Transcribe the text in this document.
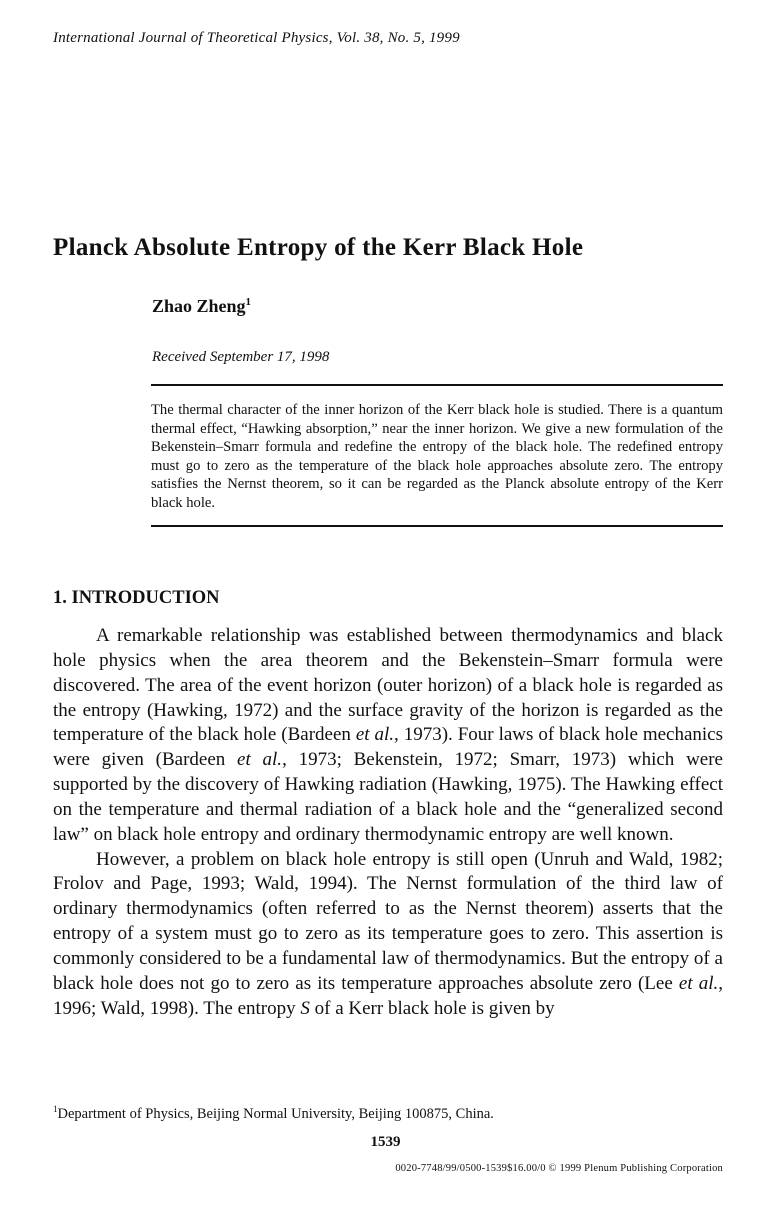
International Journal of Theoretical Physics, Vol. 38, No. 5, 1999
Planck Absolute Entropy of the Kerr Black Hole
Zhao Zheng$^1$
Received September 17, 1998

The thermal character of the inner horizon of the Kerr black hole is studied. There is a quantum thermal effect, “Hawking absorption,” near the inner horizon. We give a new formulation of the Bekenstein–Smarr formula and redefine the entropy of the black hole. The redefined entropy must go to zero as the temperature of the black hole approaches absolute zero. The entropy satisfies the Nernst theorem, so it can be regarded as the Planck absolute entropy of the Kerr black hole.

1. INTRODUCTION

A remarkable relationship was established between thermodynamics and black hole physics when the area theorem and the Bekenstein–Smarr formula were discovered. The area of the event horizon (outer horizon) of a black hole is regarded as the entropy (Hawking, 1972) and the surface gravity of the horizon is regarded as the temperature of the black hole (Bardeen et al., 1973). Four laws of black hole mechanics were given (Bardeen et al., 1973; Bekenstein, 1972; Smarr, 1973) which were supported by the discovery of Hawking radiation (Hawking, 1975). The Hawking effect on the temperature and thermal radiation of a black hole and the “generalized second law” on black hole entropy and ordinary thermodynamic entropy are well known.

However, a problem on black hole entropy is still open (Unruh and Wald, 1982; Frolov and Page, 1993; Wald, 1994). The Nernst formulation of the third law of ordinary thermodynamics (often referred to as the Nernst theorem) asserts that the entropy of a system must go to zero as its temperature goes to zero. This assertion is commonly considered to be a fundamental law of thermodynamics. But the entropy of a black hole does not go to zero as its temperature approaches absolute zero (Lee et al., 1996; Wald, 1998). The entropy S of a Kerr black hole is given by

$^1$Department of Physics, Beijing Normal University, Beijing 100875, China.
1539
0020-7748/99/0500-1539$16.00/0 © 1999 Plenum Publishing Corporation
